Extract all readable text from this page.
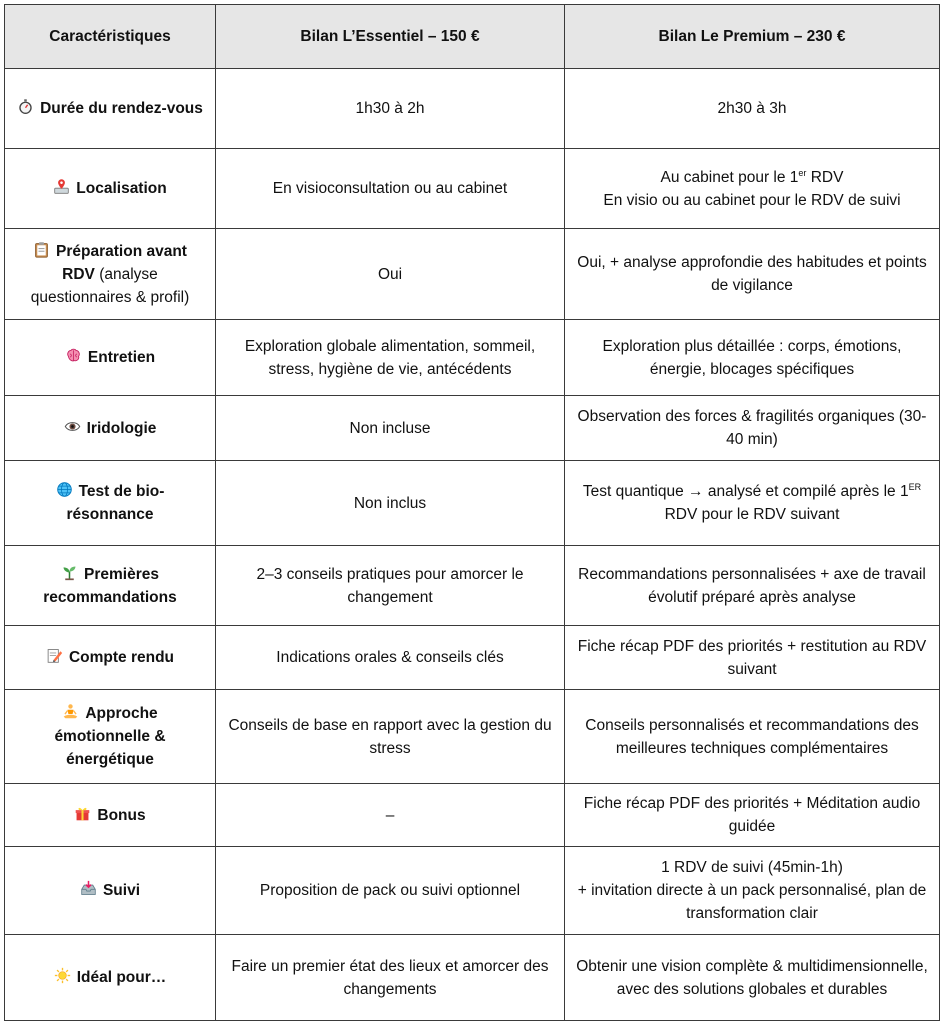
Caractéristiques	Bilan L’Essentiel – 150 €	Bilan Le Premium – 230 €
Durée du rendez-vous	1h30 à 2h	2h30 à 3h
Localisation	En visioconsultation ou au cabinet	Au cabinet pour le 1er RDV
En visio ou au cabinet pour le RDV de suivi
Préparation avant RDV (analyse questionnaires & profil)	Oui	Oui, + analyse approfondie des habitudes et points de vigilance
Entretien	Exploration globale alimentation, sommeil, stress, hygiène de vie, antécédents	Exploration plus détaillée : corps, émotions, énergie, blocages spécifiques
Iridologie	Non incluse	Observation des forces & fragilités organiques (30-40 min)
Test de bio-résonnance	Non inclus	Test quantique → analysé et compilé après le 1ER RDV pour le RDV suivant
Premières recommandations	2–3 conseils pratiques pour amorcer le changement	Recommandations personnalisées + axe de travail évolutif préparé après analyse
Compte rendu	Indications orales & conseils clés	Fiche récap PDF des priorités + restitution au RDV suivant
Approche émotionnelle & énergétique	Conseils de base en rapport avec la gestion du stress	Conseils personnalisés et recommandations des meilleures techniques complémentaires
Bonus	–	Fiche récap PDF des priorités + Méditation audio guidée
Suivi	Proposition de pack ou suivi optionnel	1 RDV de suivi (45min-1h)
+ invitation directe à un pack personnalisé, plan de transformation clair
Idéal pour…	Faire un premier état des lieux et amorcer des changements	Obtenir une vision complète & multidimensionnelle, avec des solutions globales et durables
